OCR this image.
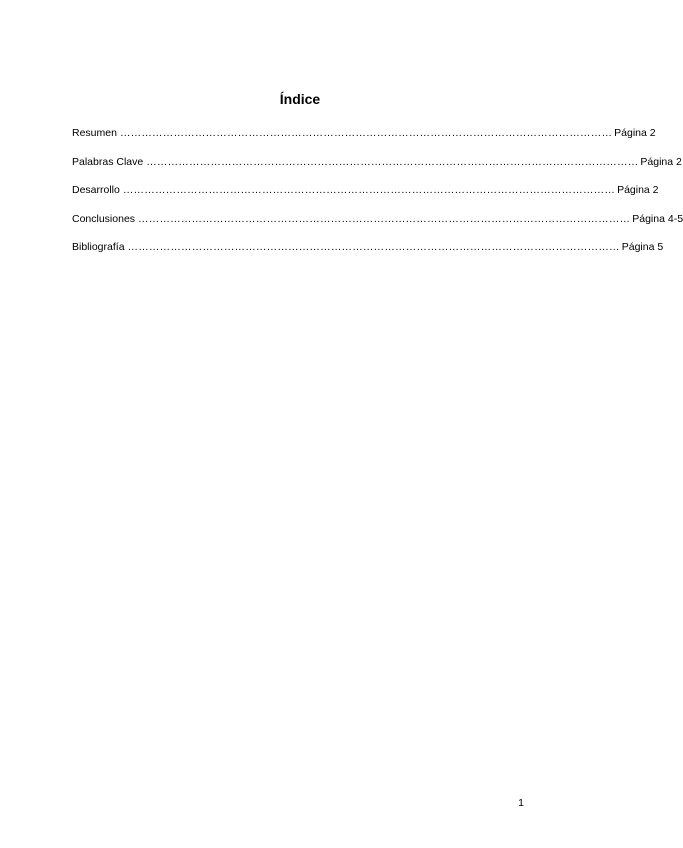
Índice
Resumen ………………………………………………………………………………………………………………………… Página 2
Palabras Clave ………………………………………………………………………………………………………………………… Página 2
Desarrollo ………………………………………………………………………………………………………………………… Página 2
Conclusiones ………………………………………………………………………………………………………………………… Página 4-5
Bibliografía ………………………………………………………………………………………………………………………… Página 5
1
